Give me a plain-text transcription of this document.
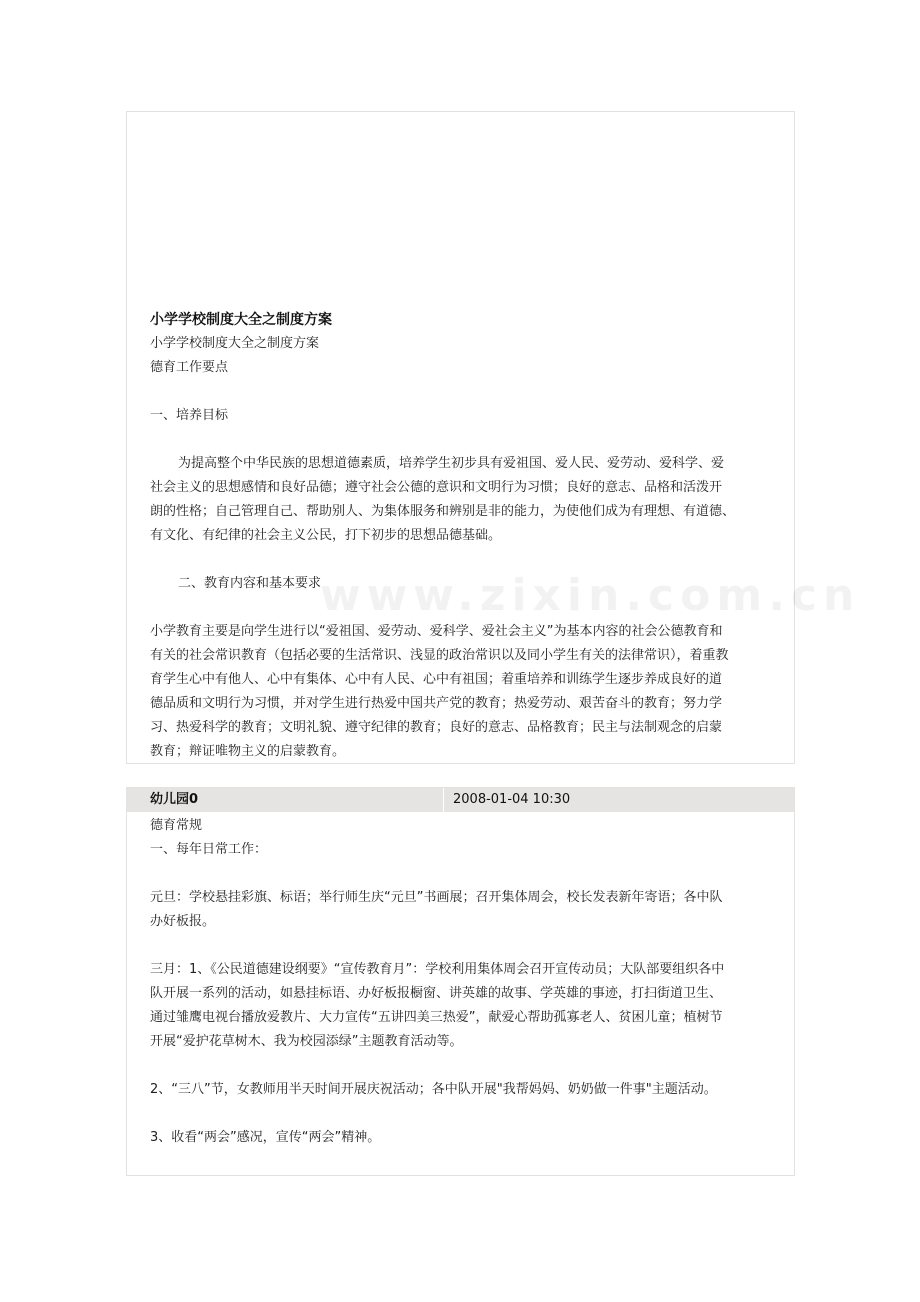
小学学校制度大全之制度方案
小学学校制度大全之制度方案
德育工作要点
一、培养目标
为提高整个中华民族的思想道德素质，培养学生初步具有爱祖国、爱人民、爱劳动、爱科学、爱
社会主义的思想感情和良好品德；遵守社会公德的意识和文明行为习惯；良好的意志、品格和活泼开
朗的性格；自己管理自己、帮助别人、为集体服务和辨别是非的能力，为使他们成为有理想、有道德、
有文化、有纪律的社会主义公民，打下初步的思想品德基础。
二、教育内容和基本要求
小学教育主要是向学生进行以“爱祖国、爱劳动、爱科学、爱社会主义”为基本内容的社会公德教育和
有关的社会常识教育（包括必要的生活常识、浅显的政治常识以及同小学生有关的法律常识），着重教
育学生心中有他人、心中有集体、心中有人民、心中有祖国；着重培养和训练学生逐步养成良好的道
德品质和文明行为习惯，并对学生进行热爱中国共产党的教育；热爱劳动、艰苦奋斗的教育；努力学
习、热爱科学的教育；文明礼貌、遵守纪律的教育；良好的意志、品格教育；民主与法制观念的启蒙
教育；辩证唯物主义的启蒙教育。
幼儿园0	2008-01-04 10:30
德育常规
一、每年日常工作：
元旦：学校悬挂彩旗、标语；举行师生庆“元旦”书画展；召开集体周会，校长发表新年寄语；各中队
办好板报。
三月：1、《公民道德建设纲要》“宣传教育月”：学校利用集体周会召开宣传动员；大队部要组织各中
队开展一系列的活动，如悬挂标语、办好板报橱窗、讲英雄的故事、学英雄的事迹，打扫街道卫生、
通过雏鹰电视台播放爱教片、大力宣传“五讲四美三热爱”，献爱心帮助孤寡老人、贫困儿童；植树节
开展“爱护花草树木、我为校园添绿”主题教育活动等。
2、“三八”节，女教师用半天时间开展庆祝活动；各中队开展"我帮妈妈、奶奶做一件事"主题活动。
3、收看“两会”感况，宣传“两会”精神。
